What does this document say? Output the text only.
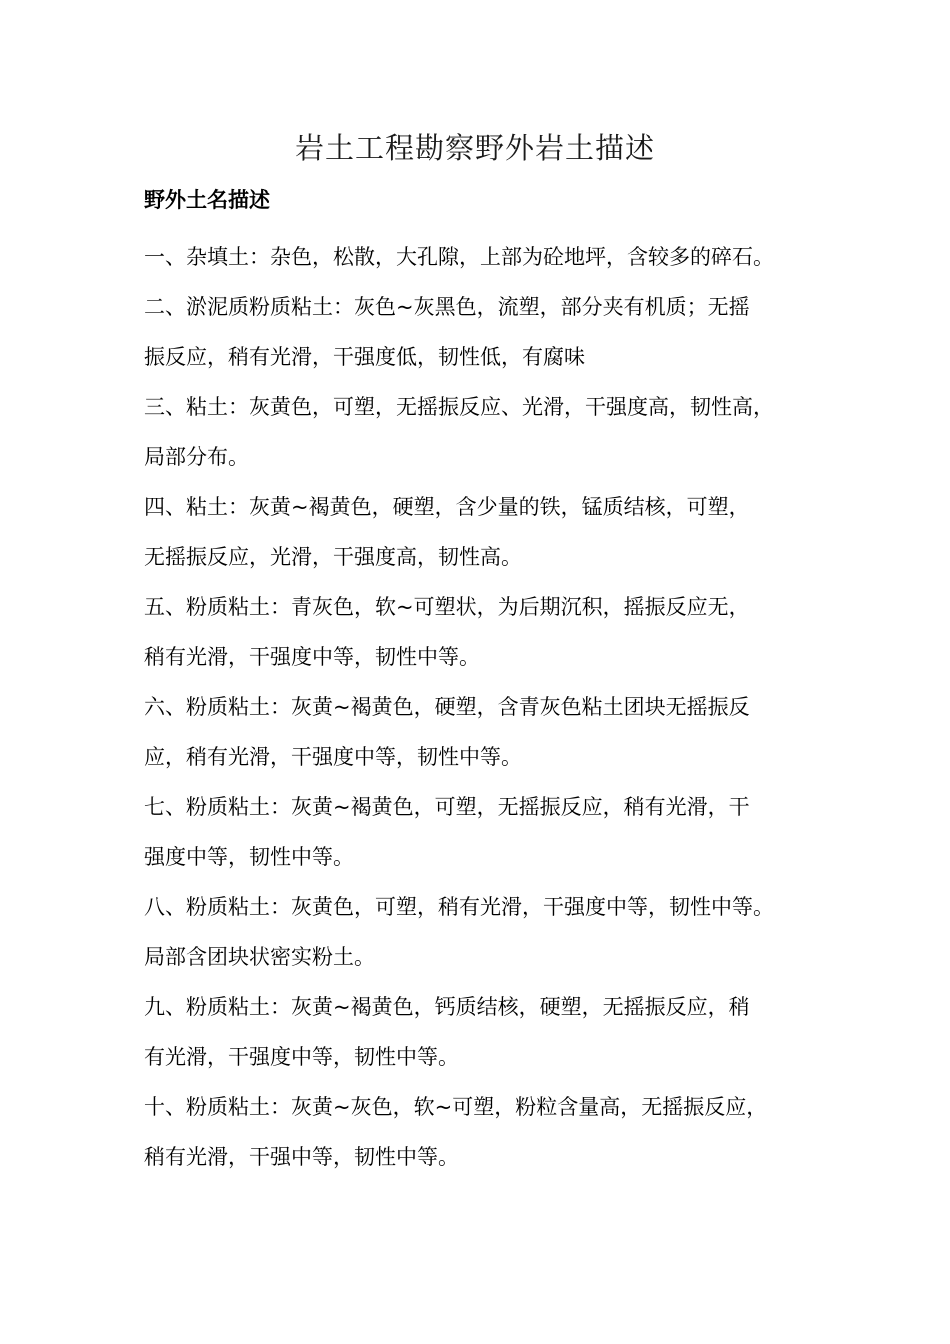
岩土工程勘察野外岩土描述
野外土名描述
一、杂填土：杂色，松散，大孔隙，上部为砼地坪，含较多的碎石。
二、淤泥质粉质粘土：灰色~灰黑色，流塑，部分夹有机质；无摇
振反应，稍有光滑，干强度低，韧性低，有腐味
三、粘土：灰黄色，可塑，无摇振反应、光滑，干强度高，韧性高，
局部分布。
四、粘土：灰黄~褐黄色，硬塑，含少量的铁，锰质结核，可塑，
无摇振反应，光滑，干强度高，韧性高。
五、粉质粘土：青灰色，软~可塑状，为后期沉积，摇振反应无，
稍有光滑，干强度中等，韧性中等。
六、粉质粘土：灰黄~褐黄色，硬塑，含青灰色粘土团块无摇振反
应，稍有光滑，干强度中等，韧性中等。
七、粉质粘土：灰黄~褐黄色，可塑，无摇振反应，稍有光滑，干
强度中等，韧性中等。
八、粉质粘土：灰黄色，可塑，稍有光滑，干强度中等，韧性中等。
局部含团块状密实粉土。
九、粉质粘土：灰黄~褐黄色，钙质结核，硬塑，无摇振反应，稍
有光滑，干强度中等，韧性中等。
十、粉质粘土：灰黄~灰色，软~可塑，粉粒含量高，无摇振反应，
稍有光滑，干强中等，韧性中等。
